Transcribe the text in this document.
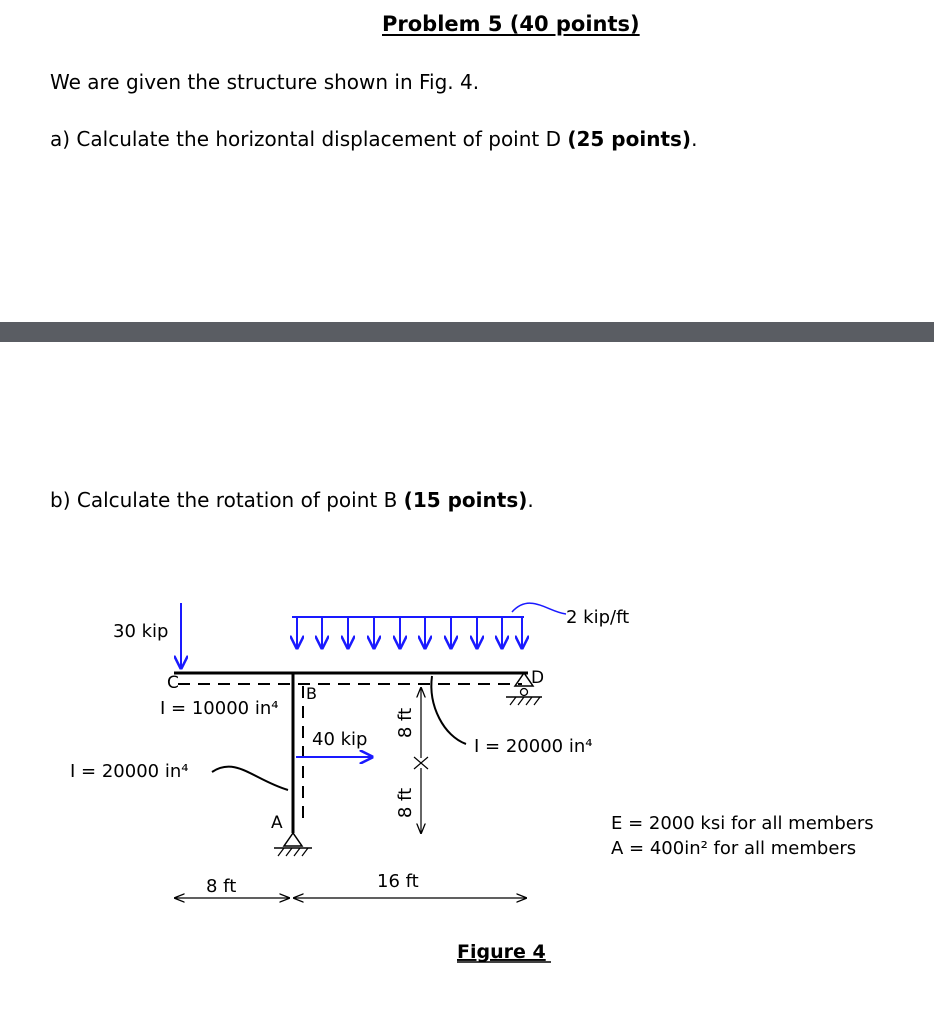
Problem 5 (40 points)
We are given the structure shown in Fig. 4.
a) Calculate the horizontal displacement of point D (25 points).
b) Calculate the rotation of point B (15 points).
30 kip
2 kip/ft
40 kip
C
B
D
A
I = 10000 in⁴
I = 20000 in⁴
I = 20000 in⁴
8 ft
8 ft
8 ft	16 ft
E = 2000 ksi for all members
A = 400in² for all members
Figure 4
